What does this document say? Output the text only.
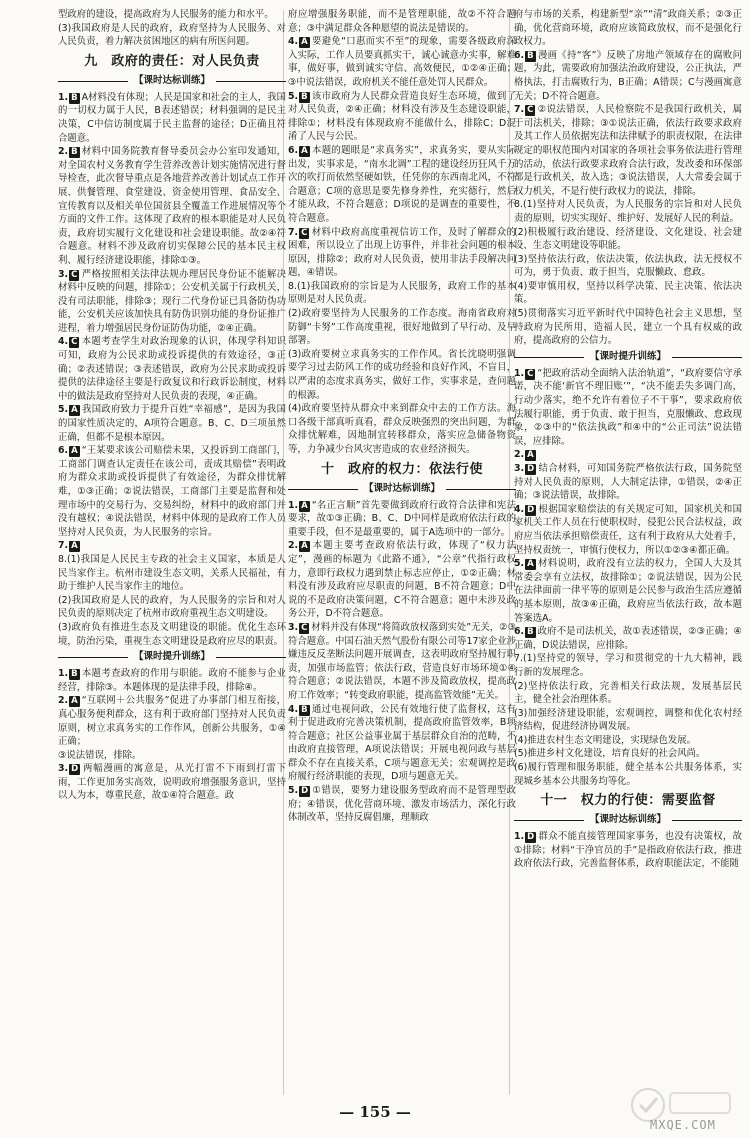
型政府的建设，提高政府为人民服务的能力和水平。

(3)我国政府是人民的政府，政府坚持为人民服务、对人民负责，着力解决贫困地区的病有所医问题。

九　政府的责任：对人民负责
【课时达标训练】

1. B A材料没有体现；人民是国家和社会的主人，我国的一切权力属于人民，B表述错误；材料强调的是民主决策，C中信访制度属于民主监督的途径；D正确且符合题意。

2. B 材料中国务院教育督导委员会办公室印发通知，对全国农村义务教育学生营养改善计划实施情况进行督导检查，此次督导重点是各地营养改善计划试点工作开展、供餐管理、食堂建设、资金使用管理、食品安全、宣传教育以及相关单位国贫县全覆盖工作进展情况等个方面的文件工作。这体现了政府的根本职能是对人民负责，政府切实履行文化建设和社会建设职能。故②④符合题意。材料不涉及政府切实保障公民的基本民主权利、履行经济建设职能，排除①③。

3. C 严格按照相关法律法规办理居民身份证不能解决材料中反映的问题，排除①；公安机关属于行政机关，没有司法职能，排除③；现行二代身份证已具备防伪功能，公安机关应该加快具有防伪识别功能的身份证推广进程，着力增强居民身份证防伪功能，②④正确。

4. C 本题考查学生对政治现象的认识，体现学科知识可知，政府为公民求助或投诉提供的有效途径，③正确；②表述错误；③表述错误，政府为公民求助或投诉提供的法律途径主要是行政复议和行政诉讼制度，材料中的做法是政府坚持对人民负责的表现，④正确。

5. A 我国政府致力于提升百姓“幸福感”，是因为我国的国家性质决定的，A项符合题意。B、C、D三项虽然正确，但都不是根本原因。

6. A “王某要求该公司赔偿未果，又投诉到工商部门，工商部门调查认定责任在该公司，责成其赔偿”表明政府为群众求助或投诉提供了有效途径，为群众排忧解难，①③正确；②说法错误，工商部门主要是监督和处理市场中的交易行为、交易纠纷，材料中的政府部门并没有越权；④说法错误，材料中体现的是政府工作人员坚持对人民负责，为人民服务的宗旨。

7. A

8.(1)我国是人民民主专政的社会主义国家，本质是人民当家作主。杭州市建设生态文明，关系人民福祉，有助于维护人民当家作主的地位。

(2)我国政府是人民的政府，为人民服务的宗旨和对人民负责的原则决定了杭州市政府重视生态文明建设。

(3)政府负有推进生态及文明建设的职能。优化生态环境，防治污染，重视生态文明建设是政府应尽的职责。

【课时提升训练】

1. B 本题考查政府的作用与职能。政府不能参与企业经营，排除③。本题体现的是法律手段，排除④。

2. A “互联网＋公共服务”促进了办事部门相互衔接，真心服务便利群众，这有利于政府部门坚持对人民负责原则，树立求真务实的工作作风，创新公共服务，①④正确；

③说法错误，排除。

3. D 两幅漫画的寓意是，从光打雷不下雨到打雷下雨，工作更加务实高效，说明政府增强服务意识，坚持以人为本，尊重民意，故①④符合题意。政

府应增强服务职能，而不是管理职能，故②不符合题意；③中满足群众各种愿望的说法是错误的。

4. A 要避免“口惠而实不至”的现象，需要各级政府深入实际，工作人员要真抓实干，诚心诚意办实事，解难事，做好事，做到诚实守信、高效便民，①②④正确；③中说法错误，政府机关不能任意处罚人民群众。

5. B 该市政府为人民群众营造良好生态环境，做到了对人民负责，②④正确；材料没有涉及生态建设职能，排除①；材料没有体现政府不能做什么，排除C；D混淆了人民与公民。

6. A 本题的题眼是“求真务实”，求真务实，要从实际出发，实事求是，“南水北调”工程的建设经历狂风千万次的吹打而依然坚硬如铁，任凭你的东西南北风，不符合题意；C项的意思是要先修身养性，充实德行，然后才能从政，不符合题意；D项说的是调查的重要性，不符合题意。

7. C 材料中政府高度重视信访工作，及时了解群众的困难，所以设立了出现上访事件，并非社会问题的根本原因，排除②；政府对人民负责，使用非法手段解决问题，④错误。

8.(1)我国政府的宗旨是为人民服务，政府工作的基本原则是对人民负责。

(2)政府要坚持为人民服务的工作态度。海南省政府对防御“卡努”工作高度重视，很好地做到了早行动、及早部署。

(3)政府要树立求真务实的工作作风。省长沈晓明强调要学习过去防风工作的成功经验和良好作风，不盲目，以严肃的态度求真务实，做好工作，实事求是，查问题的根源。

(4)政府要坚持从群众中来到群众中去的工作方法。海口各级干部真听真看，群众反映强烈的突出问题，为群众排忧解难，因地制宜转移群众，落实应急储备物资等，力争减少台风灾害造成的农业经济损失。

十　政府的权力：依法行使
【课时达标训练】

1. A “名正言顺”首先要做到政府行政符合法律和宪法要求，故①③正确；B、C、D中同样是政府依法行政的重要手段，但不是最重要的，属于A选项中的一部分。

2. A 本题主要考查政府依法行政，体现了“权力法定”，漫画的标题为《此路不通》，“公章”代指行政权力，意即行政权力遇到禁止标志应停止，①②正确；材料没有涉及政府应尽职责的问题，B不符合题意；D中说的不是政府决策问题，C不符合题意；题中未涉及政务公开，D不符合题意。

3. C 材料并没有体现“将简政放权落到实处”无关，②③符合题意。中国石油天然气股份有限公司等17家企业涉嫌违反反垄断法问题开展调查，这表明政府坚持履行职责，加强市场监管；依法行政，营造良好市场环境①④符合题意；②说法错误，本题不涉及简政放权，提高政府工作效率；“转变政府职能，提高监管效能”无关。

4. B 通过电视问政，公民有效地行使了监督权，这有利于促进政府完善决策机制，提高政府监管效率，B项符合题意；社区公益事业属于基层群众自治的范畴，不由政府直接管理，A项说法错误；开展电视问政与基层群众不存在直接关系，C项与题意无关；宏观调控是政府履行经济职能的表现，D项与题意无关。

5. D ①错误，要努力建设服务型政府而不是管理型政府；④错误，优化营商环境、激发市场活力，深化行政体制改革，坚持反腐倡廉，理顺政

府与市场的关系，构建新型“亲”“清”政商关系；②③正确，优化营商环境，政府应该简政放权，而不是强化行政权力。

6. B 漫画《持“客”》反映了房地产领域存在的腐败问题，为此，需要政府加强法治政府建设，公正执法，严格执法，打击腐败行为，B正确；A错误；C与漫画寓意无关；D不符合题意。

7. C ②说法错误，人民检察院不是我国行政机关，属于司法机关，排除；③①说法正确，依法行政要求政府及其工作人员依据宪法和法律赋予的职责权限，在法律规定的职权范围内对国家的各项社会事务依法进行管理的活动，依法行政要求政府合法行政，发改委和环保部都是行政机关，故入选；③说法错误，人大常委会属于权力机关，不是行使行政权力的说法，排除。

8.(1)坚持对人民负责，为人民服务的宗旨和对人民负责的原则，切实实现好、维护好、发展好人民的利益。

(2)积极履行政治建设、经济建设、文化建设、社会建设、生态文明建设等职能。

(3)坚持依法行政，依法决策，依法执政，法无授权不可为，勇于负责、敢于担当，克服懒政、怠政。

(4)要审慎用权，坚持以科学决策、民主决策、依法决策。

(5)贯彻落实习近平新时代中国特色社会主义思想，坚持政府为民所用，造福人民，建立一个具有权威的政府，提高政府的公信力。

【课时提升训练】

1. C “把政府活动全面纳入法治轨道”，“政府要信守承诺，决不能‘新官不理旧账’”，“决不能丢失多调门高，行动少落实，绝不允许有着位子不干事”，要求政府依法履行职能，勇于负责、敢于担当，克服懒政、怠政现象，②③中的“依法执政”和④中的“公正司法”说法错误，应排除。

2. A

3. D 结合材料，可知国务院严格依法行政，国务院坚持对人民负责的原则，人大制定法律，①错误，②④正确；③说法错误，故排除。

4. D 根据国家赔偿法的有关规定可知，国家机关和国家机关工作人员在行使职权时，侵犯公民合法权益，政府应当依法承担赔偿责任，这有利于政府从大处着手，坚持权责统一，审慎行使权力，所以①②③④都正确。

5. A 材料说明，政府没有立法的权力，全国人大及其常委会享有立法权，故排除①；②说法错误，因为公民在法律面前一律平等的原则是公民参与政治生活应遵循的基本原则，故③④正确，政府应当依法行政，故本题答案选A。

6. B 政府不是司法机关，故①表述错误，②③正确；④正确，D说法错误，应排除。

7.(1)坚持党的领导，学习和贯彻党的十九大精神，践行新的发展理念。

(2)坚持依法行政，完善相关行政法规，发展基层民主，健全社会治理体系。

(3)加强经济建设职能，宏观调控，调整和优化农村经济结构，促进经济协调发展。

(4)推进农村生态文明建设，实现绿色发展。

(5)推进乡村文化建设，培育良好的社会风尚。

(6)履行管理和服务职能，健全基本公共服务体系，实现城乡基本公共服务均等化。

十一　权力的行使：需要监督
【课时达标训练】

1. D 群众不能直接管理国家事务，也没有决策权，故①排除；材料“干净官员的手”是指政府依法行政，推进政府依法行政，完善监督体系，政府职能法定，不能随

— 155 —
MXQE.COM
